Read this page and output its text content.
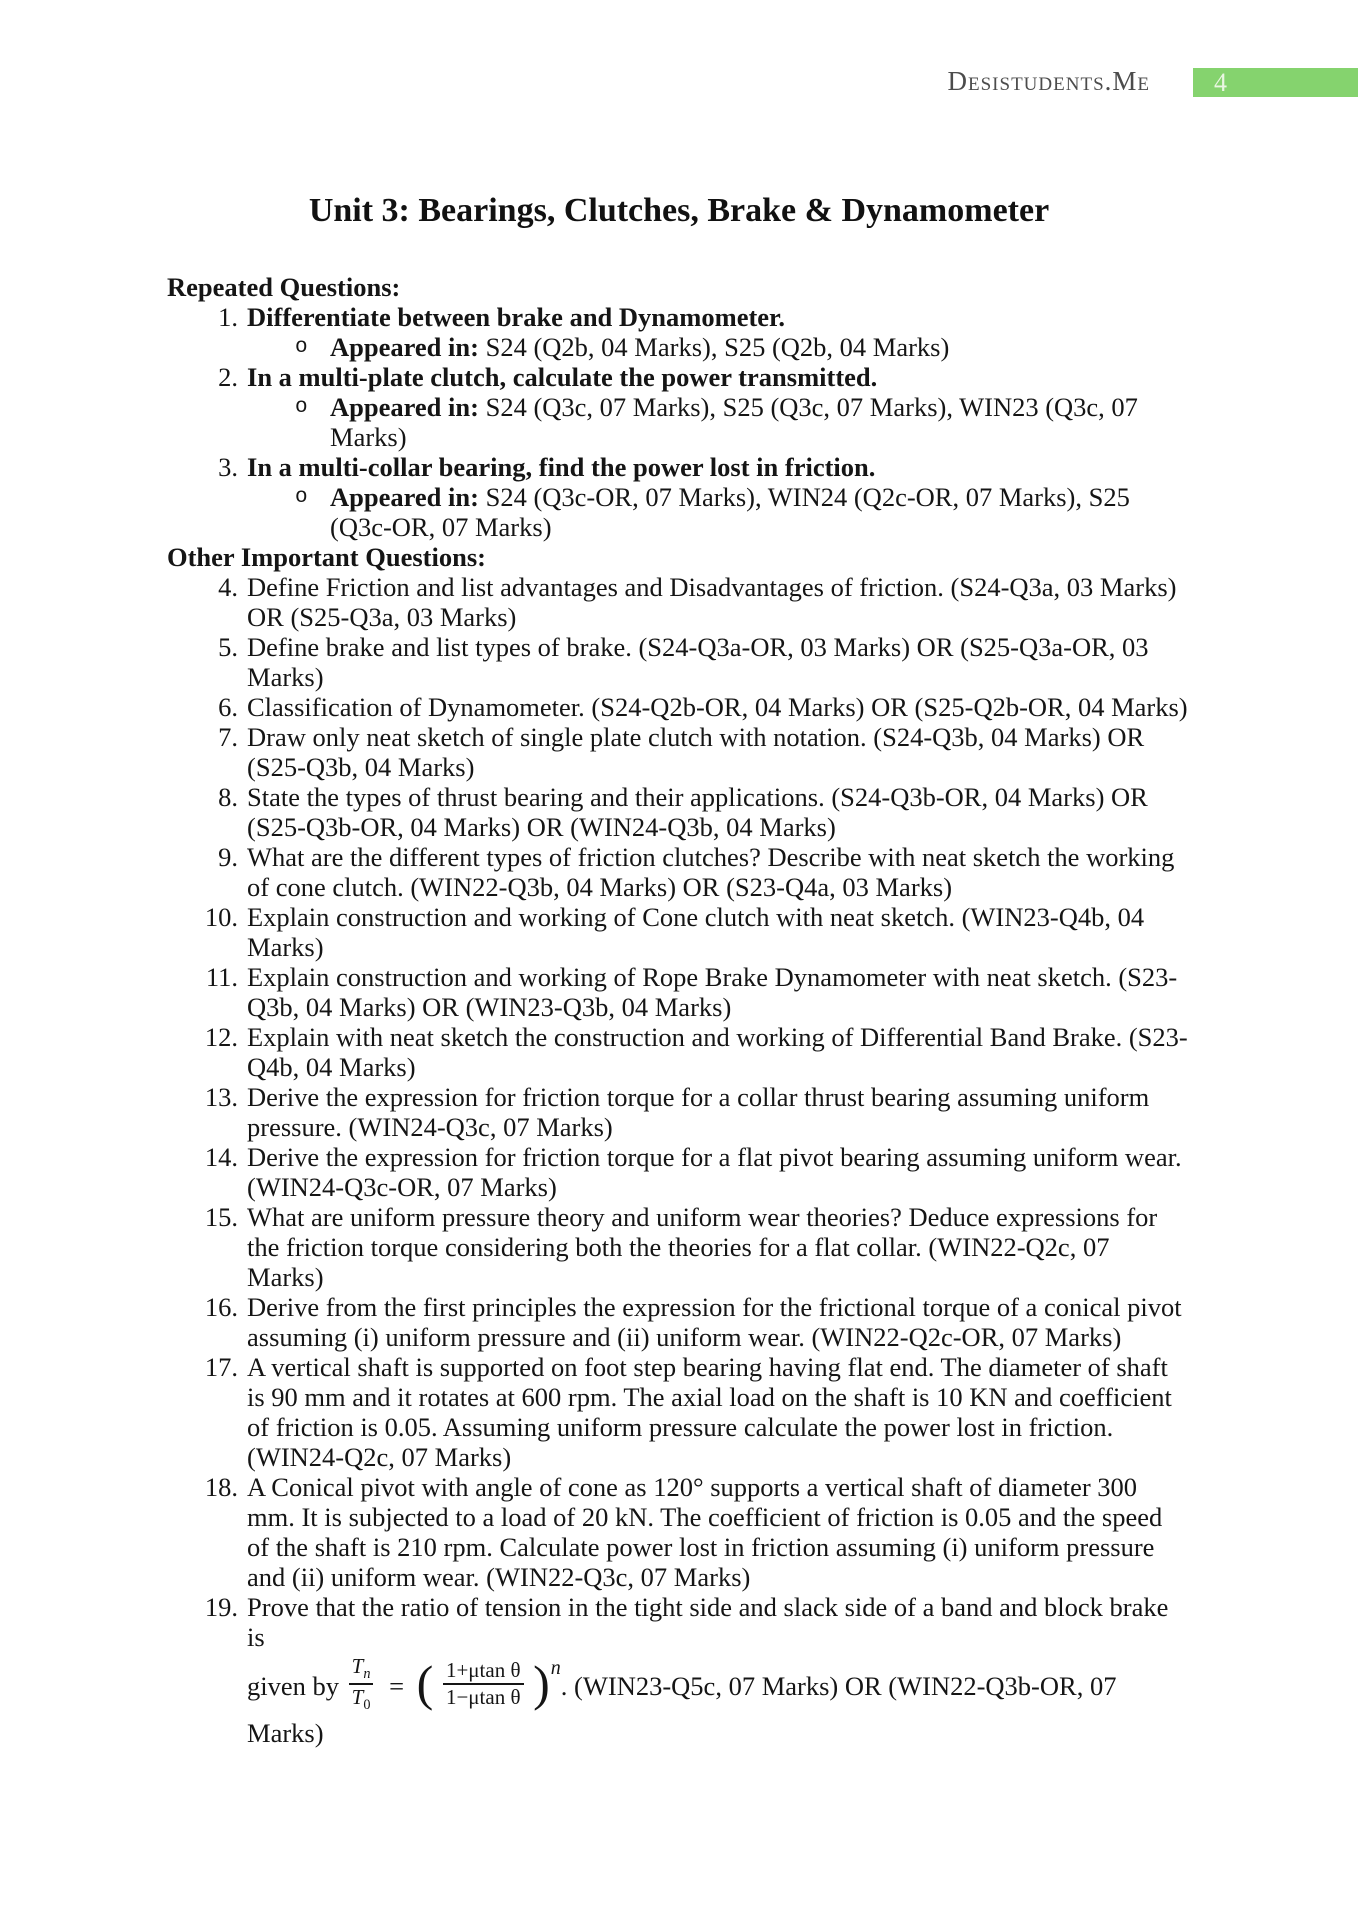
Desistudents.Me	4
Unit 3: Bearings, Clutches, Brake & Dynamometer
Repeated Questions:
1. Differentiate between brake and Dynamometer.
o Appeared in: S24 (Q2b, 04 Marks), S25 (Q2b, 04 Marks)
2. In a multi-plate clutch, calculate the power transmitted.
o Appeared in: S24 (Q3c, 07 Marks), S25 (Q3c, 07 Marks), WIN23 (Q3c, 07 Marks)
3. In a multi-collar bearing, find the power lost in friction.
o Appeared in: S24 (Q3c-OR, 07 Marks), WIN24 (Q2c-OR, 07 Marks), S25 (Q3c-OR, 07 Marks)
Other Important Questions:
4. Define Friction and list advantages and Disadvantages of friction. (S24-Q3a, 03 Marks) OR (S25-Q3a, 03 Marks)
5. Define brake and list types of brake. (S24-Q3a-OR, 03 Marks) OR (S25-Q3a-OR, 03 Marks)
6. Classification of Dynamometer. (S24-Q2b-OR, 04 Marks) OR (S25-Q2b-OR, 04 Marks)
7. Draw only neat sketch of single plate clutch with notation. (S24-Q3b, 04 Marks) OR (S25-Q3b, 04 Marks)
8. State the types of thrust bearing and their applications. (S24-Q3b-OR, 04 Marks) OR (S25-Q3b-OR, 04 Marks) OR (WIN24-Q3b, 04 Marks)
9. What are the different types of friction clutches? Describe with neat sketch the working of cone clutch. (WIN22-Q3b, 04 Marks) OR (S23-Q4a, 03 Marks)
10. Explain construction and working of Cone clutch with neat sketch. (WIN23-Q4b, 04 Marks)
11. Explain construction and working of Rope Brake Dynamometer with neat sketch. (S23-Q3b, 04 Marks) OR (WIN23-Q3b, 04 Marks)
12. Explain with neat sketch the construction and working of Differential Band Brake. (S23-Q4b, 04 Marks)
13. Derive the expression for friction torque for a collar thrust bearing assuming uniform pressure. (WIN24-Q3c, 07 Marks)
14. Derive the expression for friction torque for a flat pivot bearing assuming uniform wear. (WIN24-Q3c-OR, 07 Marks)
15. What are uniform pressure theory and uniform wear theories? Deduce expressions for the friction torque considering both the theories for a flat collar. (WIN22-Q2c, 07 Marks)
16. Derive from the first principles the expression for the frictional torque of a conical pivot assuming (i) uniform pressure and (ii) uniform wear. (WIN22-Q2c-OR, 07 Marks)
17. A vertical shaft is supported on foot step bearing having flat end. The diameter of shaft is 90 mm and it rotates at 600 rpm. The axial load on the shaft is 10 KN and coefficient of friction is 0.05. Assuming uniform pressure calculate the power lost in friction. (WIN24-Q2c, 07 Marks)
18. A Conical pivot with angle of cone as 120° supports a vertical shaft of diameter 300 mm. It is subjected to a load of 20 kN. The coefficient of friction is 0.05 and the speed of the shaft is 210 rpm. Calculate power lost in friction assuming (i) uniform pressure and (ii) uniform wear. (WIN22-Q3c, 07 Marks)
19. Prove that the ratio of tension in the tight side and slack side of a band and block brake is
given by $\frac{T_n}{T_0}$ = ( $\frac{\text{1+μtan θ}}{\text{1−μtan θ}} )n$. (WIN23-Q5c, 07 Marks) OR (WIN22-Q3b-OR, 07 Marks)
